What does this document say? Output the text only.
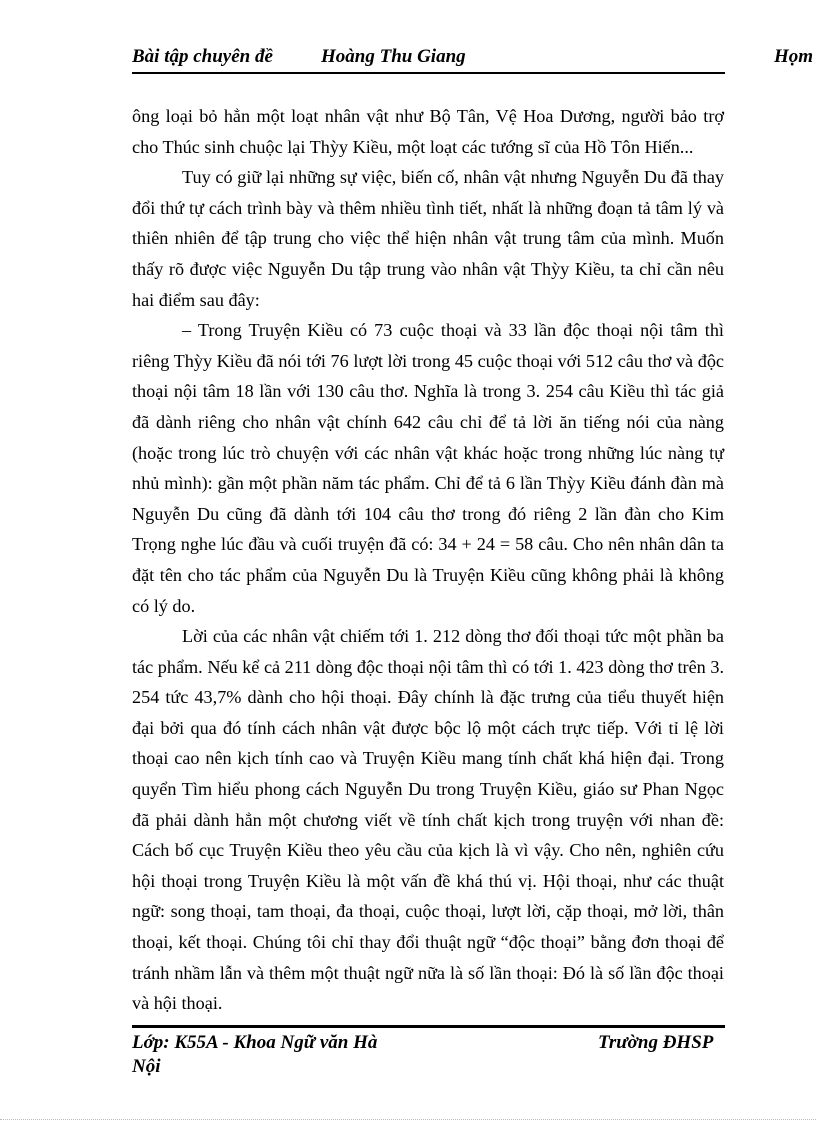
Bài tập chuyên đề	Hoàng Thu Giang	Họm

ông loại bỏ hẳn một loạt nhân vật như Bộ Tân, Vệ Hoa Dương, người bảo trợ cho Thúc sinh chuộc lại Thỳy Kiều, một loạt các tướng sĩ của Hồ Tôn Hiến...

Tuy có giữ lại những sự việc, biến cố, nhân vật nhưng Nguyễn Du đã thay đổi thứ tự cách trình bày và thêm nhiều tình tiết, nhất là những đoạn tả tâm lý và thiên nhiên để tập trung cho việc thể hiện nhân vật trung tâm của mình. Muốn thấy rõ được việc Nguyễn Du tập trung vào nhân vật Thỳy Kiều, ta chỉ cần nêu hai điểm sau đây:

– Trong Truyện Kiều có 73 cuộc thoại và 33 lần độc thoại nội tâm thì riêng Thỳy Kiều đã nói tới 76 lượt lời trong 45 cuộc thoại với 512 câu thơ và độc thoại nội tâm 18 lần với 130 câu thơ. Nghĩa là trong 3. 254 câu Kiều thì tác giả đã dành riêng cho nhân vật chính 642 câu chỉ để tả lời ăn tiếng nói của nàng (hoặc trong lúc trò chuyện với các nhân vật khác hoặc trong những lúc nàng tự nhủ mình): gần một phần năm tác phẩm. Chỉ để tả 6 lần Thỳy Kiều đánh đàn mà Nguyễn Du cũng đã dành tới 104 câu thơ trong đó riêng 2 lần đàn cho Kim Trọng nghe lúc đầu và cuối truyện đã có: 34 + 24 = 58 câu. Cho nên nhân dân ta đặt tên cho tác phẩm của Nguyễn Du là Truyện Kiều cũng không phải là không có lý do.

Lời của các nhân vật chiếm tới 1. 212 dòng thơ đối thoại tức một phần ba tác phẩm. Nếu kể cả 211 dòng độc thoại nội tâm thì có tới 1. 423 dòng thơ trên 3. 254 tức 43,7% dành cho hội thoại. Đây chính là đặc trưng của tiểu thuyết hiện đại bởi qua đó tính cách nhân vật được bộc lộ một cách trực tiếp. Với tỉ lệ lời thoại cao nên kịch tính cao và Truyện Kiều mang tính chất khá hiện đại. Trong quyển Tìm hiểu phong cách Nguyễn Du trong Truyện Kiều, giáo sư Phan Ngọc đã phải dành hẳn một chương viết về tính chất kịch trong truyện với nhan đề: Cách bố cục Truyện Kiều theo yêu cầu của kịch là vì vậy. Cho nên, nghiên cứu hội thoại trong Truyện Kiều là một vấn đề khá thú vị. Hội thoại, như các thuật ngữ: song thoại, tam thoại, đa thoại, cuộc thoại, lượt lời, cặp thoại, mở lời, thân thoại, kết thoại. Chúng tôi chỉ thay đổi thuật ngữ “độc thoại” bằng đơn thoại để tránh nhầm lẫn và thêm một thuật ngữ nữa là số lần thoại: Đó là số lần độc thoại và hội thoại.

Lớp: K55A - Khoa Ngữ văn Hà Nội
Trường ĐHSP
